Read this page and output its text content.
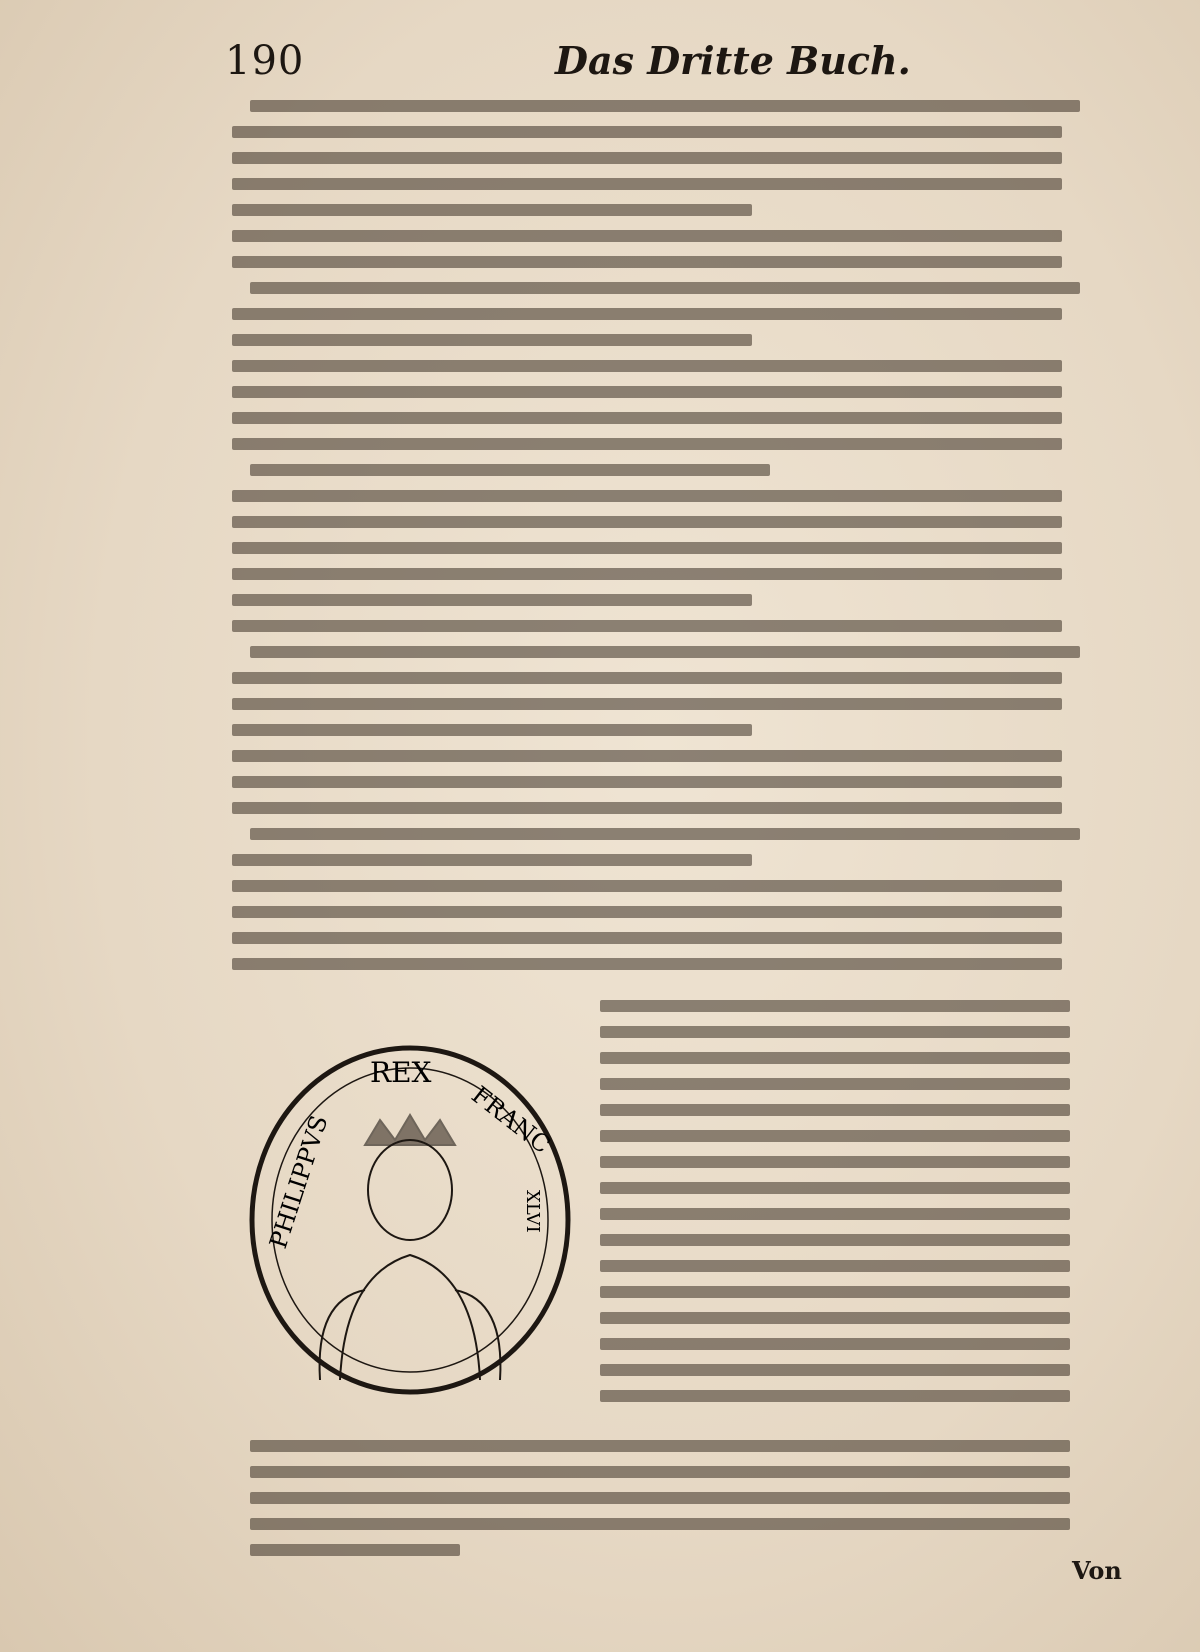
190	Das Dritte Buch.
REX
FRANC
PHILIPPVS	XLVI
Von
